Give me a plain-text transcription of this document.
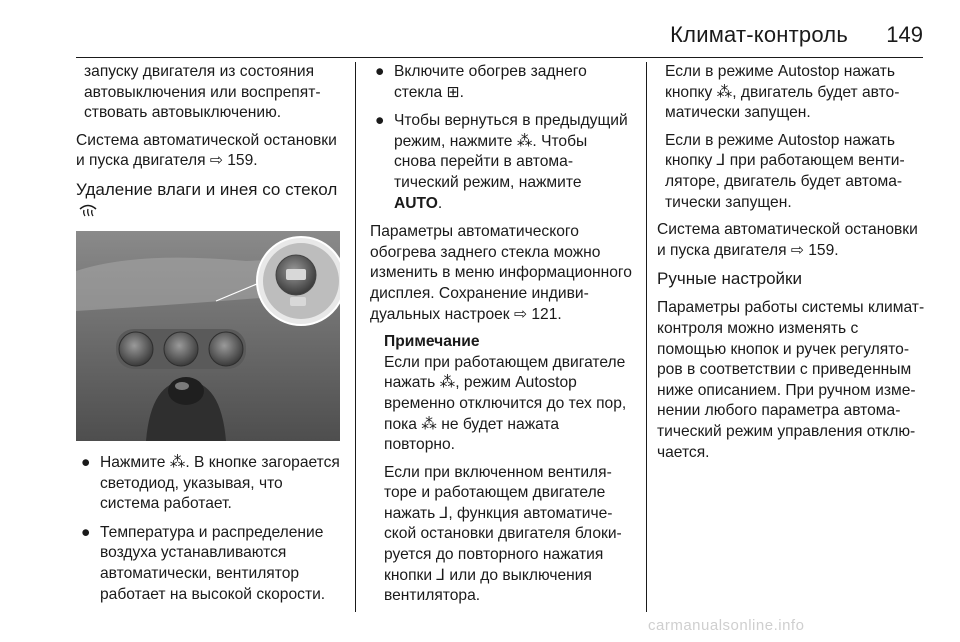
Климат-контроль 149

запуску двигателя из состояния автовыключения или воспрепятствовать автовыключению.

Система автоматической остановки и пуска двигателя ⇨ 159.

Удаление влаги и инея со стекол
● Нажмите ⁂. В кнопке загорается светодиод, указывая, что система работает.
● Температура и распределение воздуха устанавливаются автоматически, вентилятор работает на высокой скорости.
● Включите обогрев заднего стекла ⊞.
● Чтобы вернуться в предыдущий режим, нажмите ⁂. Чтобы снова перейти в автоматический режим, нажмите
AUTO.

Параметры автоматического обогрева заднего стекла можно изменить в меню информационного дисплея. Сохранение индивидуальных настроек ⇨ 121.

Примечание

Если при работающем двигателе нажать ⁂, режим Autostop временно отключится до тех пор, пока ⁂ не будет нажата повторно.

Если при включенном вентиляторе и работающем двигателе нажать ⅃, функция автоматической остановки двигателя блокируется до повторного нажатия кнопки ⅃ или до выключения вентилятора.

Если в режиме Autostop нажать кнопку ⁂, двигатель будет автоматически запущен.

Если в режиме Autostop нажать кнопку ⅃ при работающем вентиляторе, двигатель будет автоматически запущен.

Система автоматической остановки и пуска двигателя ⇨ 159.

Ручные настройки

Параметры работы системы климат-контроля можно изменять с помощью кнопок и ручек регуляторов в соответствии с приведенным ниже описанием. При ручном изменении любого параметра автоматический режим управления отключается.

carmanualsonline.info
